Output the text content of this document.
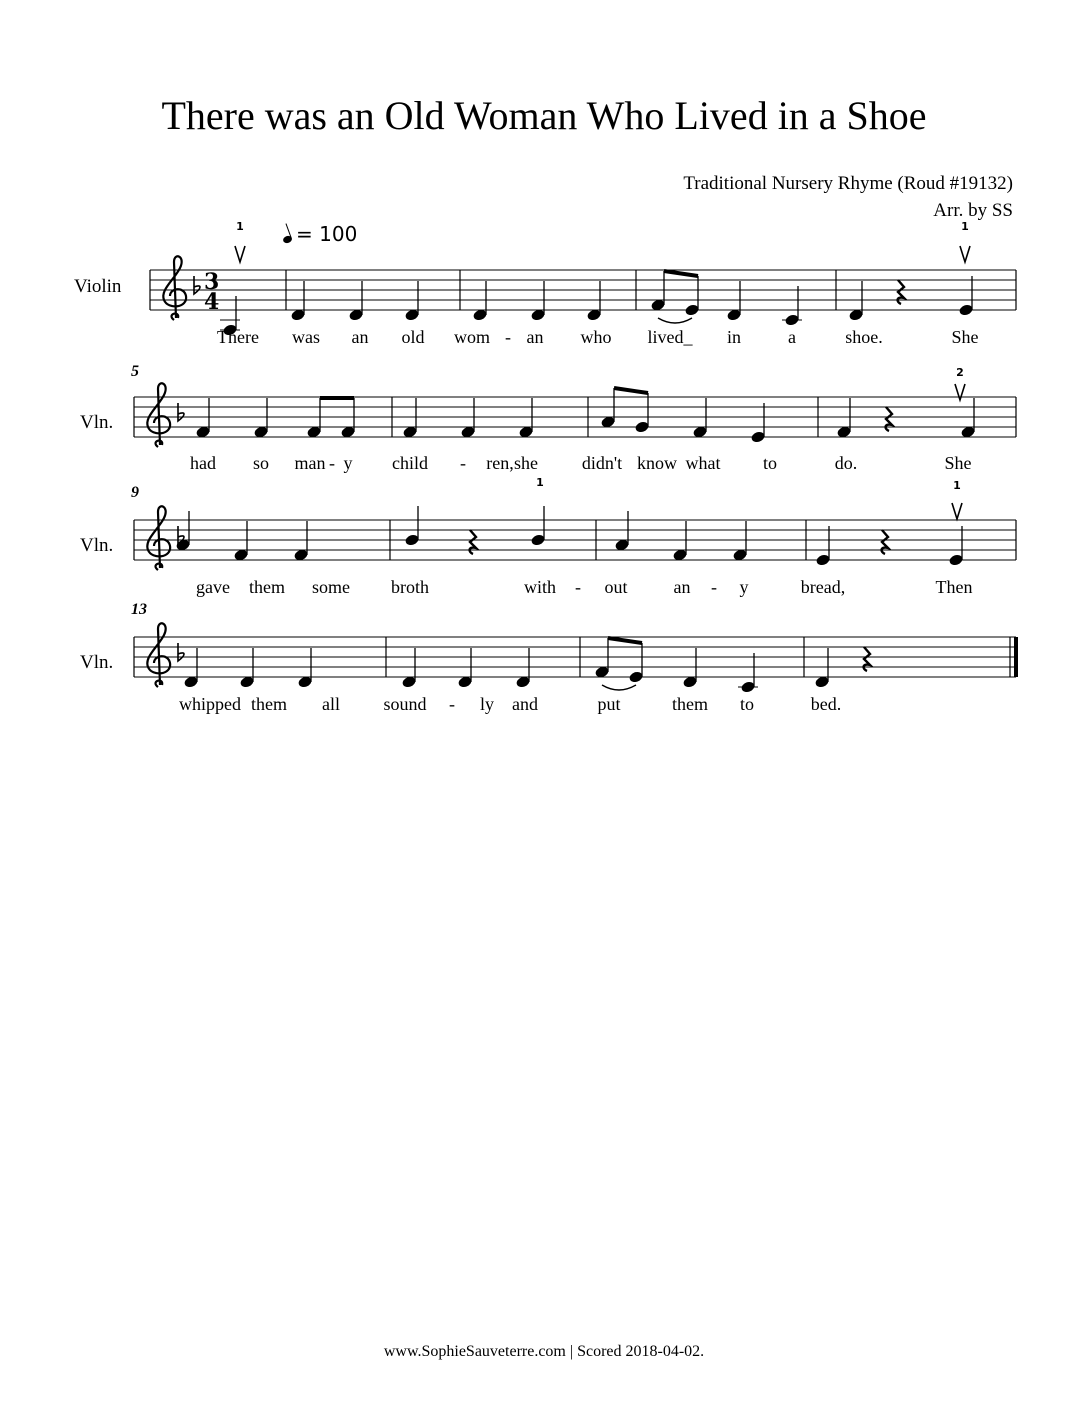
There was an Old Woman Who Lived in a Shoe
Traditional Nursery Rhyme (Roud #19132)
Arr. by SS
= 100
Violin
Vln.
Vln.
Vln.
5
9
13
3
4
1	1
2
1	1
There was an old wom - an who lived_ in	a	shoe.	She
had so man - y child - ren, she didn't know what to	do.	She
gave them some broth	with - out	an - y	bread,	Then
whipped them all sound - ly and	put	them to	bed.
www.SophieSauveterre.com | Scored 2018-04-02.
